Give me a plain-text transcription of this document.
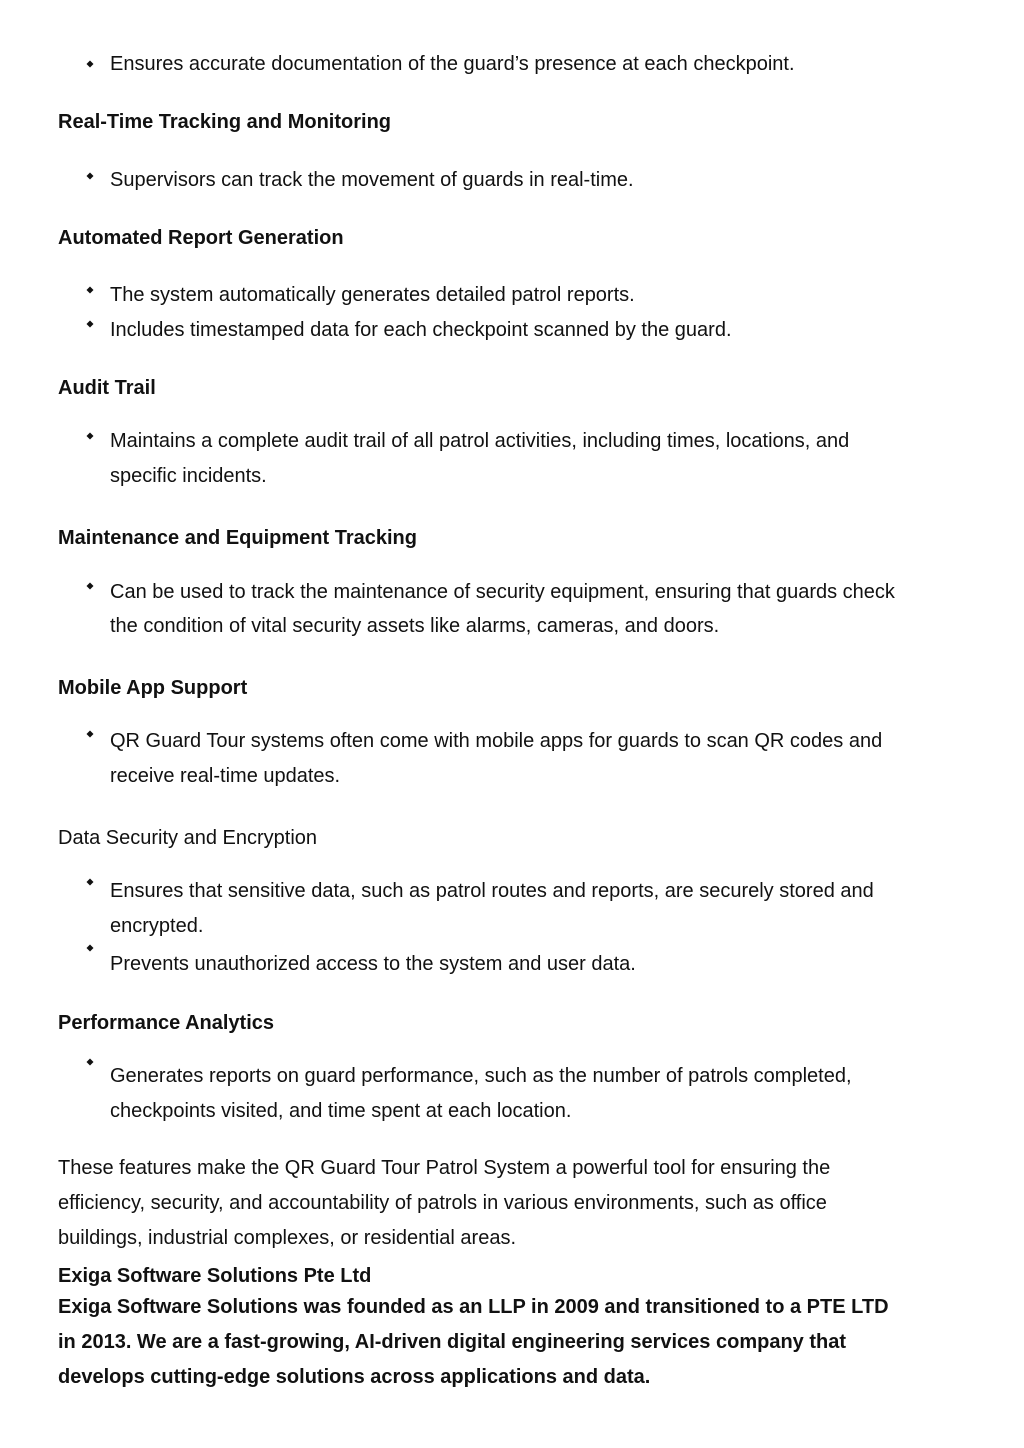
Ensures accurate documentation of the guard’s presence at each checkpoint.
Real-Time Tracking and Monitoring
Supervisors can track the movement of guards in real-time.
Automated Report Generation
The system automatically generates detailed patrol reports.
Includes timestamped data for each checkpoint scanned by the guard.
Audit Trail
Maintains a complete audit trail of all patrol activities, including times, locations, and
specific incidents.
Maintenance and Equipment Tracking
Can be used to track the maintenance of security equipment, ensuring that guards check
the condition of vital security assets like alarms, cameras, and doors.
Mobile App Support
QR Guard Tour systems often come with mobile apps for guards to scan QR codes and
receive real-time updates.
Data Security and Encryption
Ensures that sensitive data, such as patrol routes and reports, are securely stored and
encrypted.
Prevents unauthorized access to the system and user data.
Performance Analytics
Generates reports on guard performance, such as the number of patrols completed,
checkpoints visited, and time spent at each location.
These features make the QR Guard Tour Patrol System a powerful tool for ensuring the
efficiency, security, and accountability of patrols in various environments, such as office
buildings, industrial complexes, or residential areas.
Exiga Software Solutions Pte Ltd
Exiga Software Solutions was founded as an LLP in 2009 and transitioned to a PTE LTD
in 2013. We are a fast-growing, AI-driven digital engineering services company that
develops cutting-edge solutions across applications and data.
